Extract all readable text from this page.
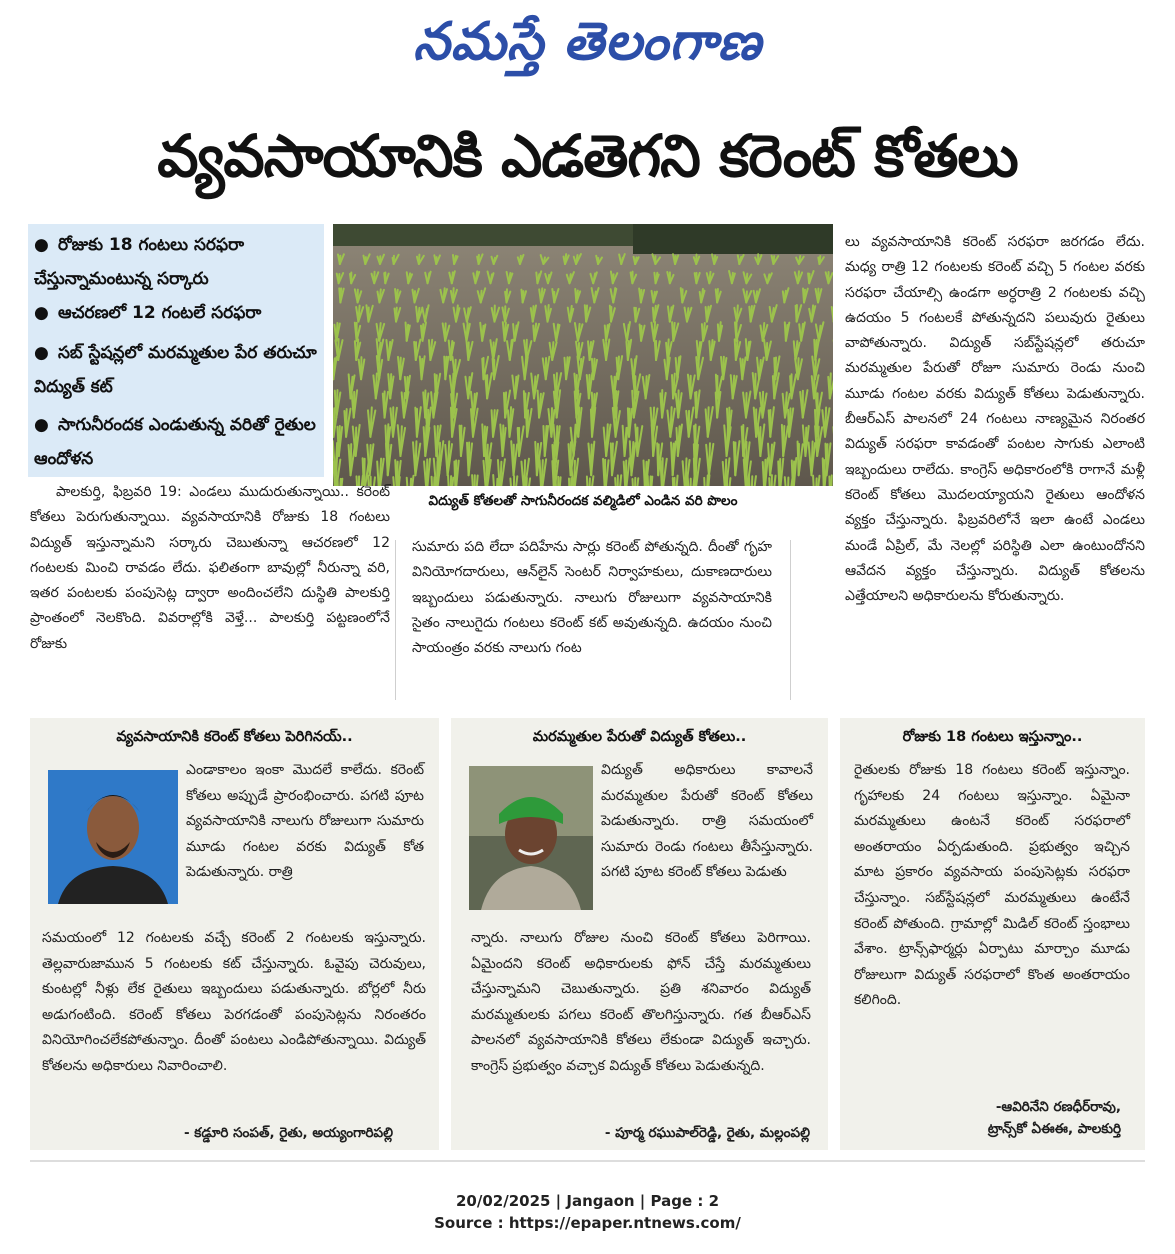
నమస్తే తెలంగాణ
వ్యవసాయానికి ఎడతెగని కరెంట్ కోతలు
● రోజుకు 18 గంటలు సరఫరా చేస్తున్నామంటున్న సర్కారు
● ఆచరణలో 12 గంటలే సరఫరా
● సబ్ స్టేషన్లలో మరమ్మతుల పేర తరుచూ విద్యుత్ కట్
● సాగునీరందక ఎండుతున్న వరితో రైతుల ఆందోళన
విద్యుత్ కోతలతో సాగునీరందక వల్మిడిలో ఎండిన వరి పొలం

పాలకుర్తి, ఫిబ్రవరి 19: ఎండలు ముదురుతున్నాయి.. కరెంట్ కోతలు పెరుగుతున్నాయి. వ్యవసాయానికి రోజుకు 18 గంటలు విద్యుత్ ఇస్తున్నామని సర్కారు చెబుతున్నా ఆచరణలో 12 గంటలకు మించి రావడం లేదు. ఫలితంగా బావుల్లో నీరున్నా వరి, ఇతర పంటలకు పంపుసెట్ల ద్వారా అందించలేని దుస్థితి పాలకుర్తి ప్రాంతంలో నెలకొంది. వివరాల్లోకి వెళ్తే... పాలకుర్తి పట్టణంలోనే రోజుకు

సుమారు పది లేదా పదిహేను సార్లు కరెంట్ పోతున్నది. దీంతో గృహ వినియోగదారులు, ఆన్‌లైన్ సెంటర్ నిర్వాహకులు, దుకాణదారులు ఇబ్బందులు పడుతున్నారు. నాలుగు రోజులుగా వ్యవసాయానికి సైతం నాలుగైదు గంటలు కరెంట్ కట్ అవుతున్నది. ఉదయం నుంచి సాయంత్రం వరకు నాలుగు గంట

లు వ్యవసాయానికి కరెంట్ సరఫరా జరగడం లేదు. మధ్య రాత్రి 12 గంటలకు కరెంట్ వచ్చి 5 గంటల వరకు సరఫరా చేయాల్సి ఉండగా అర్ధరాత్రి 2 గంటలకు వచ్చి ఉదయం 5 గంటలకే పోతున్నదని పలువురు రైతులు వాపోతున్నారు. విద్యుత్ సబ్‌స్టేషన్లలో తరుచూ మరమ్మతుల పేరుతో రోజూ సుమారు రెండు నుంచి మూడు గంటల వరకు విద్యుత్ కోతలు పెడుతున్నారు. బీఆర్‌ఎస్ పాలనలో 24 గంటలు నాణ్యమైన నిరంతర విద్యుత్ సరఫరా కావడంతో పంటల సాగుకు ఎలాంటి ఇబ్బందులు రాలేదు. కాంగ్రెస్ అధికారంలోకి రాగానే మళ్లీ కరెంట్ కోతలు మొదలయ్యాయని రైతులు ఆందోళన వ్యక్తం చేస్తున్నారు. ఫిబ్రవరిలోనే ఇలా ఉంటే ఎండలు మండే ఏప్రిల్, మే నెలల్లో పరిస్థితి ఎలా ఉంటుందోనని ఆవేదన వ్యక్తం చేస్తున్నారు. విద్యుత్ కోతలను ఎత్తేయాలని అధికారులను కోరుతున్నారు.

వ్యవసాయానికి కరెంట్ కోతలు పెరిగినయ్..
ఎండాకాలం ఇంకా మొదలే కాలేదు. కరెంట్ కోతలు అప్పుడే ప్రారంభించారు. పగటి పూట వ్యవసాయానికి నాలుగు రోజులుగా సుమారు మూడు గంటల వరకు విద్యుత్ కోత పెడుతున్నారు. రాత్రి
సమయంలో 12 గంటలకు వచ్చే కరెంట్ 2 గంటలకు ఇస్తున్నారు. తెల్లవారుజామున 5 గంటలకు కట్ చేస్తున్నారు. ఓవైపు చెరువులు, కుంటల్లో నీళ్లు లేక రైతులు ఇబ్బందులు పడుతున్నారు. బోర్లలో నీరు అడుగంటింది. కరెంట్ కోతలు పెరగడంతో పంపుసెట్లను నిరంతరం వినియోగించలేకపోతున్నాం. దీంతో పంటలు ఎండిపోతున్నాయి. విద్యుత్ కోతలను అధికారులు నివారించాలి.
- కడ్డూరి సంపత్, రైతు, అయ్యంగారిపల్లి
మరమ్మతుల పేరుతో విద్యుత్ కోతలు..
విద్యుత్ అధికారులు కావాలనే మరమ్మతుల పేరుతో కరెంట్ కోతలు పెడుతున్నారు. రాత్రి సమయంలో సుమారు రెండు గంటలు తీసేస్తున్నారు. పగటి పూట కరెంట్ కోతలు పెడుతు
న్నారు. నాలుగు రోజుల నుంచి కరెంట్ కోతలు పెరిగాయి. ఏమైందని కరెంట్ అధికారులకు ఫోన్ చేస్తే మరమ్మతులు చేస్తున్నామని చెబుతున్నారు. ప్రతి శనివారం విద్యుత్ మరమ్మతులకు పగలు కరెంట్ తొలగిస్తున్నారు. గత బీఆర్‌ఎస్ పాలనలో వ్యవసాయానికి కోతలు లేకుండా విద్యుత్ ఇచ్చారు. కాంగ్రెస్ ప్రభుత్వం వచ్చాక విద్యుత్ కోతలు పెడుతున్నది.
- పూర్మ రఘుపాల్‌రెడ్డి, రైతు, మల్లంపల్లి
రోజుకు 18 గంటలు ఇస్తున్నాం..
రైతులకు రోజుకు 18 గంటలు కరెంట్ ఇస్తున్నాం. గృహాలకు 24 గంటలు ఇస్తున్నాం. ఏమైనా మరమ్మతులు ఉంటనే కరెంట్ సరఫరాలో అంతరాయం ఏర్పడుతుంది. ప్రభుత్వం ఇచ్చిన మాట ప్రకారం వ్యవసాయ పంపుసెట్లకు సరఫరా చేస్తున్నాం. సబ్‌స్టేషన్లలో మరమ్మతులు ఉంటేనే కరెంట్ పోతుంది. గ్రామాల్లో మిడిల్ కరెంట్ స్తంభాలు వేశాం. ట్రాన్స్‌ఫార్మర్లు ఏర్పాటు మార్చాం మూడు రోజులుగా విద్యుత్ సరఫరాలో కొంత అంతరాయం కలిగింది.
-ఆవిరినేని రణధీర్‌రావు,
ట్రాన్స్‌కో ఏఈఈ, పాలకుర్తి
20/02/2025 | Jangaon | Page : 2
Source : https://epaper.ntnews.com/
